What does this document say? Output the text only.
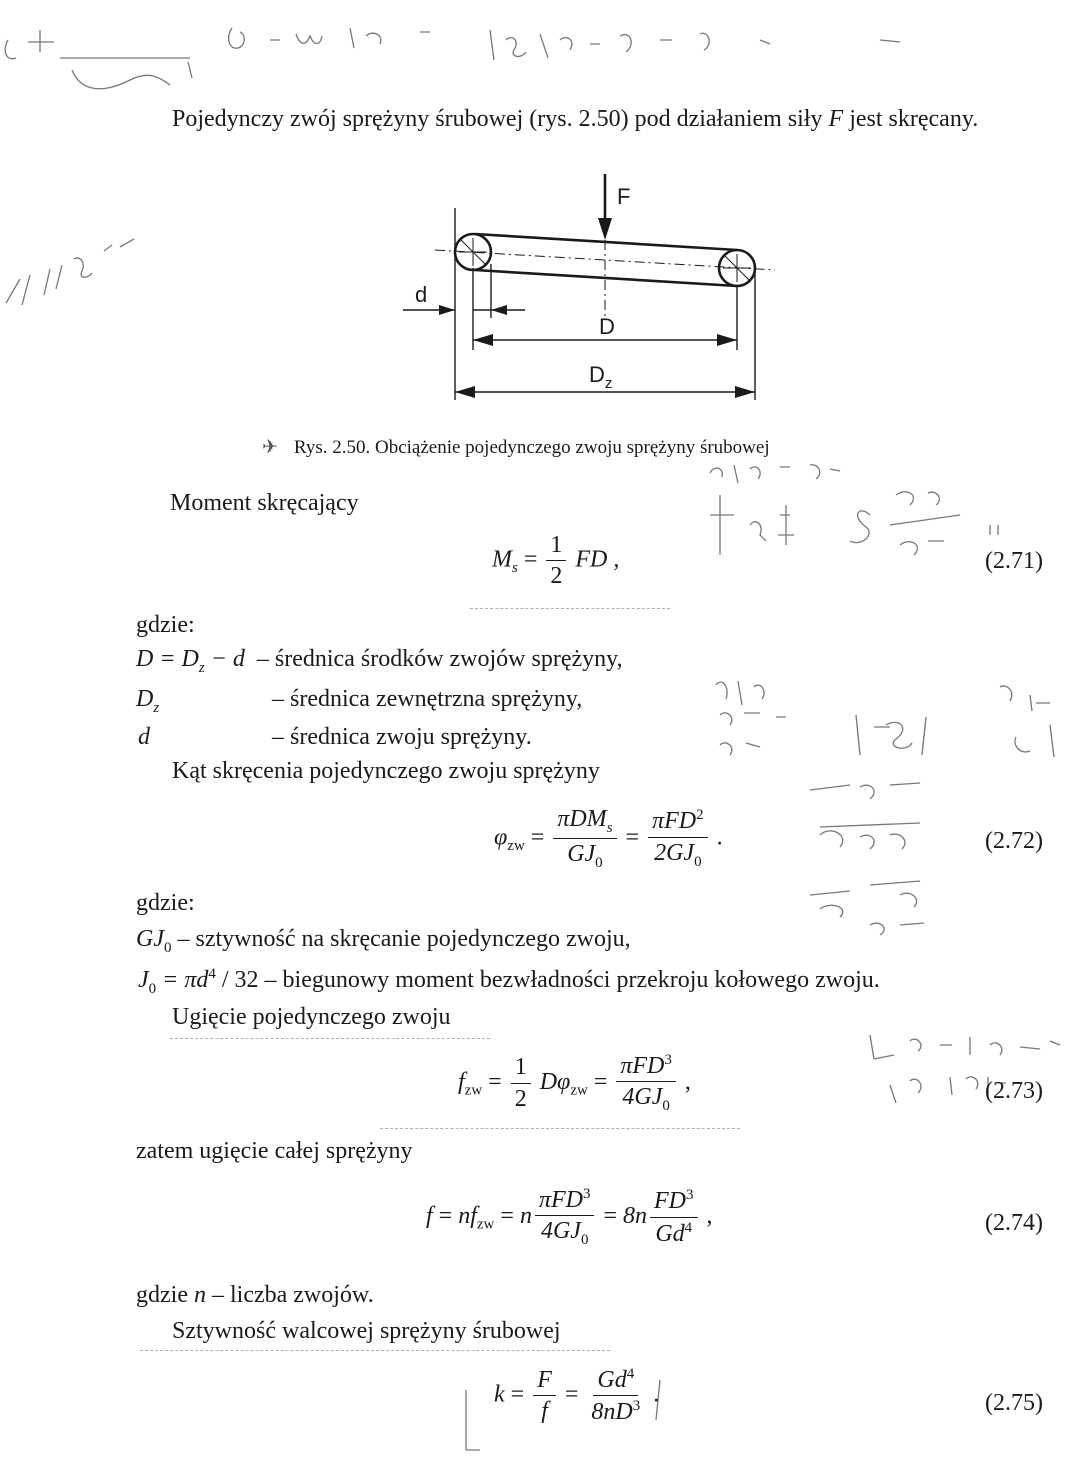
Pojedynczy zwój sprężyny śrubowej (rys. 2.50) pod działaniem siły F jest skręcany.
F
d
D
$D_z$
✈ Rys. 2.50. Obciążenie pojedynczego zwoju sprężyny śrubowej
Moment skręcający
$M_s = \frac{1}{2}$ FD ,	(2.71)
gdzie:
$D = D_z - d$ – średnica środków zwojów sprężyny,
$D_z$	– średnica zewnętrzna sprężyny,
d	– średnica zwoju sprężyny.
Kąt skręcenia pojedynczego zwoju sprężyny
$\varphi_{zw} = \frac{\pi DM_s}{GJ_0} = \frac{\pi FD^2}{2GJ_0}$ .	(2.72)
gdzie:
$GJ_0$ – sztywność na skręcanie pojedynczego zwoju,
$J_0 = \pi d^4 / 32$ – biegunowy moment bezwładności przekroju kołowego zwoju.
Ugięcie pojedynczego zwoju
$f_{zw} = \frac{1}{2} D\varphi_{zw} = \frac{\pi FD^3}{4GJ_0}$ ,	(2.73)
zatem ugięcie całej sprężyny
$f = nf_{zw} = n \frac{\pi FD^3}{4GJ_0} = 8n \frac{FD^3}{Gd^4}$ ,	(2.74)
gdzie n – liczba zwojów.
Sztywność walcowej sprężyny śrubowej
$k = \frac{F}{f} = \frac{Gd^4}{8nD^3}$ .	(2.75)
